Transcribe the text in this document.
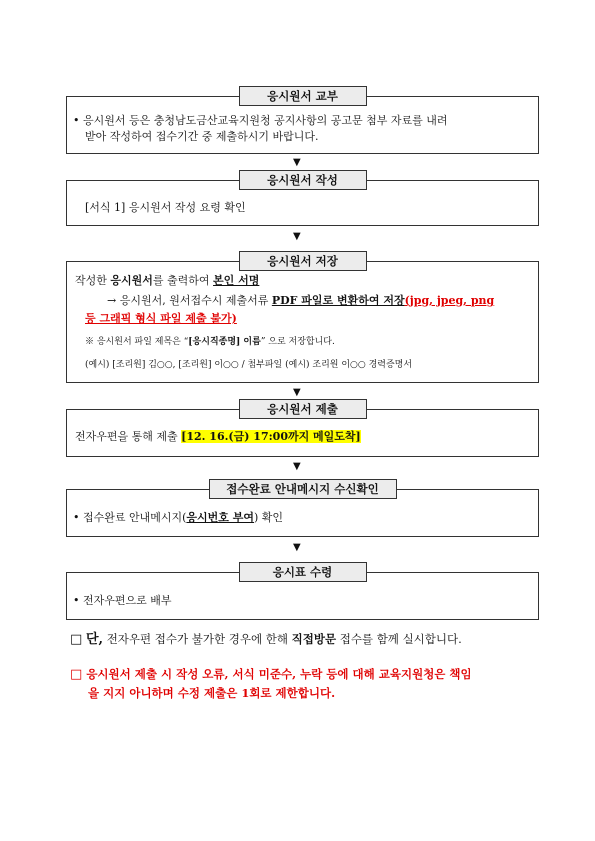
응시원서 교부
• 응시원서 등은 충청남도금산교육지원청 공지사항의 공고문 첨부 자료를 내려
받아 작성하여 접수기간 중 제출하시기 바랍니다.
▼
응시원서 작성
[서식 1] 응시원서 작성 요령 확인
▼
응시원서 저장
작성한 응시원서를 출력하여 본인 서명
→ 응시원서, 원서접수시 제출서류 PDF 파일로 변환하여 저장(jpg, jpeg, png
등 그래픽 형식 파일 제출 불가)
※ 응시원서 파일 제목은 “[응시직종명] 이름” 으로 저장합니다.
(예시) [조리원] 김○○, [조리원] 이○○ / 첨부파일 (예시) 조리원 이○○ 경력증명서
▼
응시원서 제출
전자우편을 통해 제출 [12. 16.(금) 17:00까지 메일도착]
▼
접수완료 안내메시지 수신확인
• 접수완료 안내메시지(응시번호 부여) 확인
▼
응시표 수령
• 전자우편으로 배부
□ 단, 전자우편 접수가 불가한 경우에 한해 직접방문 접수를 함께 실시합니다.
□ 응시원서 제출 시 작성 오류, 서식 미준수, 누락 등에 대해 교육지원청은 책임
을 지지 아니하며 수정 제출은 1회로 제한합니다.
